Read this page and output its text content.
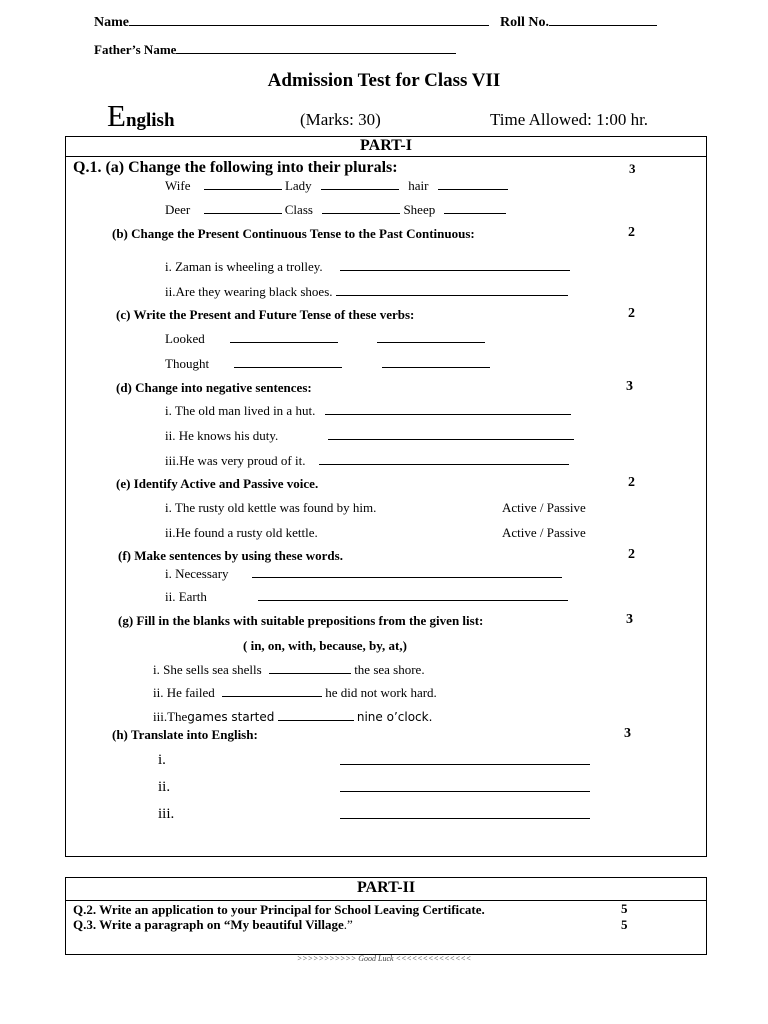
Name	Roll No.
Father’s Name
Admission Test for Class VII
English	(Marks: 30)	Time Allowed: 1:00 hr.
PART-I
Q.1. (a) Change the following into their plurals:	3
Wife	Lady	hair
Deer	Class	Sheep
(b) Change the Present Continuous Tense to the Past Continuous:	2
i. Zaman is wheeling a trolley.
ii.Are they wearing black shoes.
(c) Write the Present and Future Tense of these verbs:	2
Looked
Thought
(d) Change into negative sentences:	3
i. The old man lived in a hut.
ii. He knows his duty.
iii.He was very proud of it.
(e) Identify Active and Passive voice.	2
i. The rusty old kettle was found by him.	Active / Passive
ii.He found a rusty old kettle.	Active / Passive
(f) Make sentences by using these words.	2
i. Necessary
ii. Earth
(g) Fill in the blanks with suitable prepositions from the given list:	3
( in, on, with, because, by, at,)
i. She sells sea shells	the sea shore.
ii. He failed	he did not work hard.
iii.Thegames started	nine o’clock.
(h) Translate into English:	3
i.
ii.
iii.
PART-II
Q.2. Write an application to your Principal for School Leaving Certificate.	5
Q.3. Write a paragraph on “My beautiful Village.”	5
>>>>>>>>>>> Good Luck <<<<<<<<<<<<<<
